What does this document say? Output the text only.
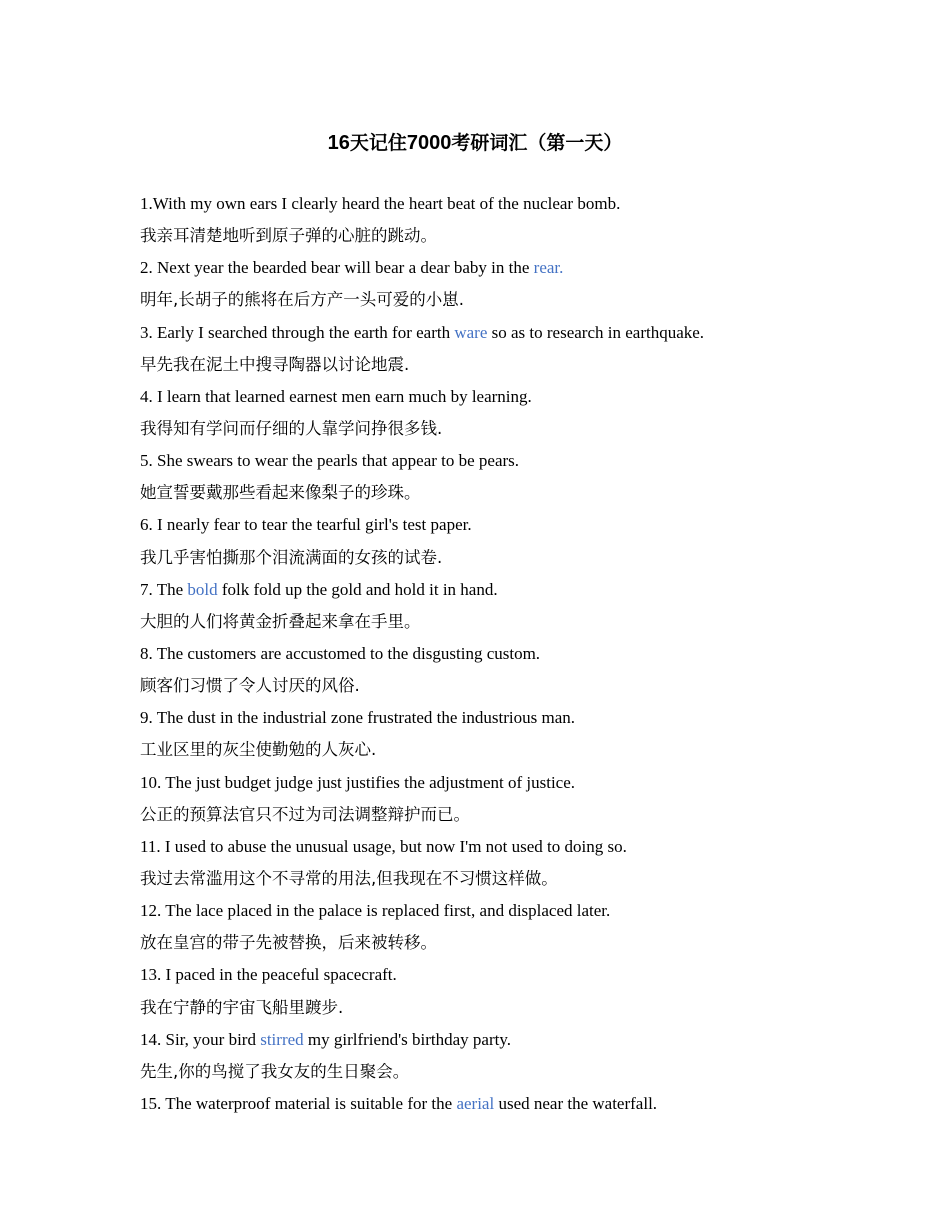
16天记住7000考研词汇（第一天）
1.With my own ears I clearly heard the heart beat of the nuclear bomb.
我亲耳清楚地听到原子弹的心脏的跳动。
2. Next year the bearded bear will bear a dear baby in the rear.
明年,长胡子的熊将在后方产一头可爱的小崽.
3. Early I searched through the earth for earth ware so as to research in earthquake.
早先我在泥土中搜寻陶器以讨论地震.
4. I learn that learned earnest men earn much by learning.
我得知有学问而仔细的人靠学问挣很多钱.
5. She swears to wear the pearls that appear to be pears.
她宣誓要戴那些看起来像梨子的珍珠。
6. I nearly fear to tear the tearful girl's test paper.
我几乎害怕撕那个泪流满面的女孩的试卷.
7. The bold folk fold up the gold and hold it in hand.
大胆的人们将黄金折叠起来拿在手里。
8. The customers are accustomed to the disgusting custom.
顾客们习惯了令人讨厌的风俗.
9. The dust in the industrial zone frustrated the industrious man.
工业区里的灰尘使勤勉的人灰心.
10. The just budget judge just justifies the adjustment of justice.
公正的预算法官只不过为司法调整辩护而已。
11. I used to abuse the unusual usage, but now I'm not used to doing so.
我过去常滥用这个不寻常的用法,但我现在不习惯这样做。
12. The lace placed in the palace is replaced first, and displaced later.
放在皇宫的带子先被替换，后来被转移。
13. I paced in the peaceful spacecraft.
我在宁静的宇宙飞船里踱步.
14. Sir, your bird stirred my girlfriend's birthday party.
先生,你的鸟搅了我女友的生日聚会。
15. The waterproof material is suitable for the aerial used near the waterfall.
